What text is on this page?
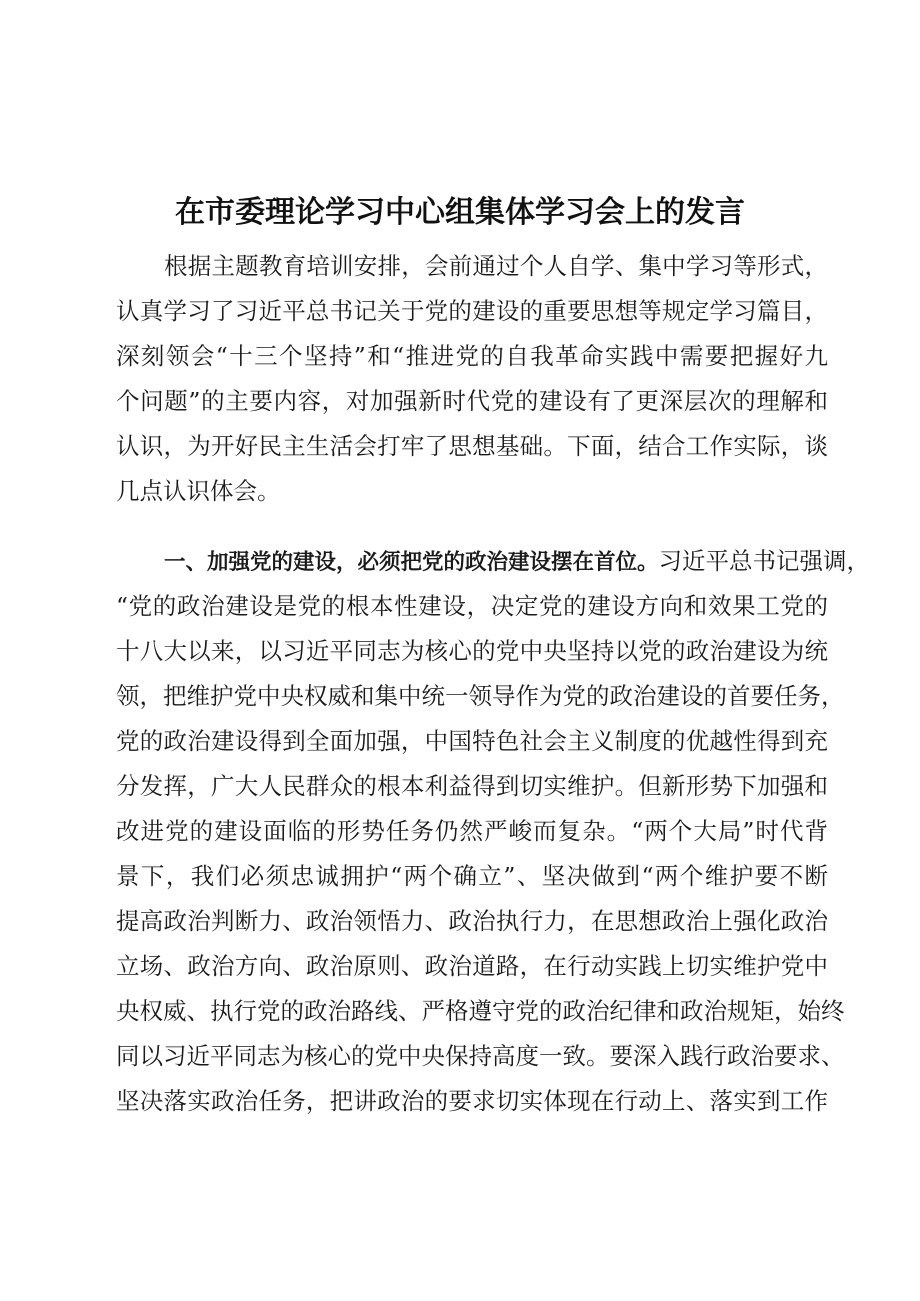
在市委理论学习中心组集体学习会上的发言
根据主题教育培训安排，会前通过个人自学、集中学习等形式，
认真学习了习近平总书记关于党的建设的重要思想等规定学习篇目，
深刻领会“十三个坚持”和“推进党的自我革命实践中需要把握好九
个问题”的主要内容，对加强新时代党的建设有了更深层次的理解和
认识，为开好民主生活会打牢了思想基础。下面，结合工作实际，谈
几点认识体会。
一、加强党的建设，必须把党的政治建设摆在首位。习近平总书记强调，
“党的政治建设是党的根本性建设，决定党的建设方向和效果工党的
十八大以来，以习近平同志为核心的党中央坚持以党的政治建设为统
领，把维护党中央权威和集中统一领导作为党的政治建设的首要任务，
党的政治建设得到全面加强，中国特色社会主义制度的优越性得到充
分发挥，广大人民群众的根本利益得到切实维护。但新形势下加强和
改进党的建设面临的形势任务仍然严峻而复杂。“两个大局”时代背
景下，我们必须忠诚拥护“两个确立”、坚决做到“两个维护要不断
提高政治判断力、政治领悟力、政治执行力，在思想政治上强化政治
立场、政治方向、政治原则、政治道路，在行动实践上切实维护党中
央权威、执行党的政治路线、严格遵守党的政治纪律和政治规矩，始终
同以习近平同志为核心的党中央保持高度一致。要深入践行政治要求、
坚决落实政治任务，把讲政治的要求切实体现在行动上、落实到工作
